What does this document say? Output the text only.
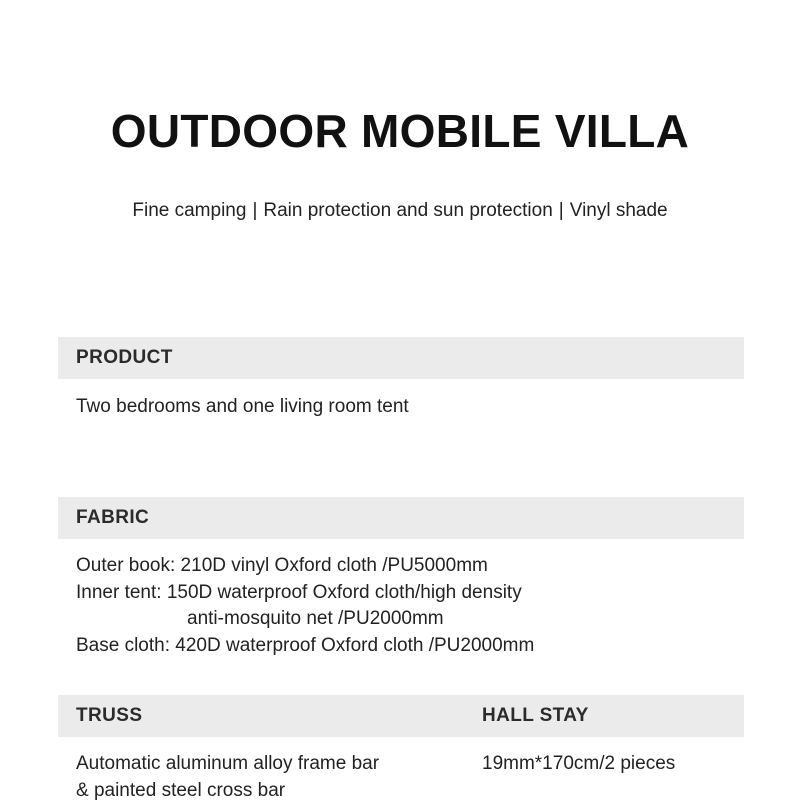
OUTDOOR MOBILE VILLA
Fine camping | Rain protection and sun protection | Vinyl shade
PRODUCT
Two bedrooms and one living room tent
FABRIC
Outer book: 210D vinyl Oxford cloth /PU5000mm
Inner tent: 150D waterproof Oxford cloth/high density
anti-mosquito net /PU2000mm
Base cloth: 420D waterproof Oxford cloth /PU2000mm
TRUSS	HALL STAY
Automatic aluminum alloy frame bar
& painted steel cross bar
19mm*170cm/2 pieces
